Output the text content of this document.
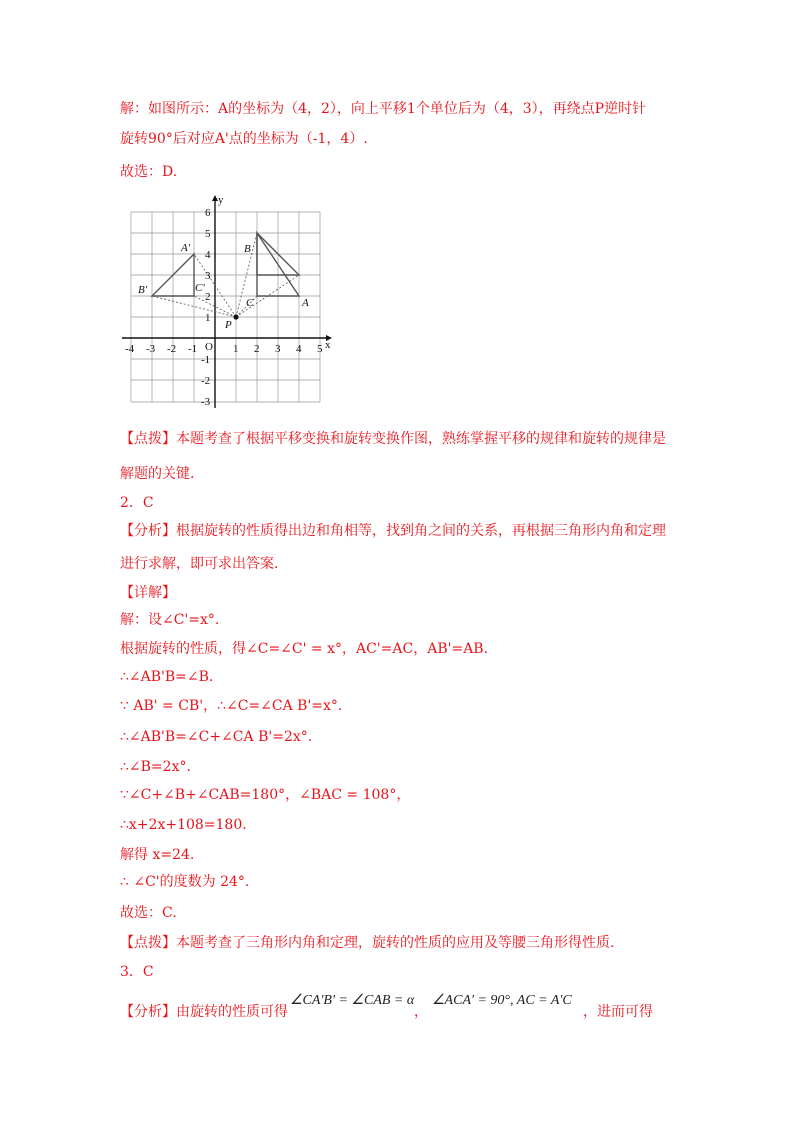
解：如图所示：A的坐标为（4，2），向上平移1个单位后为（4，3），再绕点P逆时针
旋转90°后对应A'点的坐标为（-1，4）.
故选：D.
x
y
O
-4 -3 -2 -1	1 2 3 4 5
6
5
4
3
2
1
-1
-2
-3
A
B
C
A'
B'	C'
P
【点拨】本题考查了根据平移变换和旋转变换作图，熟练掌握平移的规律和旋转的规律是
解题的关键.
2．C
【分析】根据旋转的性质得出边和角相等，找到角之间的关系，再根据三角形内角和定理
进行求解，即可求出答案.
【详解】
解：设∠C'=x°.
根据旋转的性质，得∠C=∠C' = x°，AC'=AC，AB'=AB.
∴∠AB'B=∠B.
∵ AB' = CB'，∴∠C=∠CA B'=x°.
∴∠AB'B=∠C+∠CA B'=2x°.
∴∠B=2x°.
∵∠C+∠B+∠CAB=180°，∠BAC = 108°，
∴x+2x+108=180.
解得 x=24.
∴ ∠C'的度数为 24°.
故选：C.
【点拨】本题考查了三角形内角和定理，旋转的性质的应用及等腰三角形得性质.
3．C
【分析】由旋转的性质可得
∠CA'B' = ∠CAB = α
，
∠ACA' = 90°, AC = A'C
，进而可得
